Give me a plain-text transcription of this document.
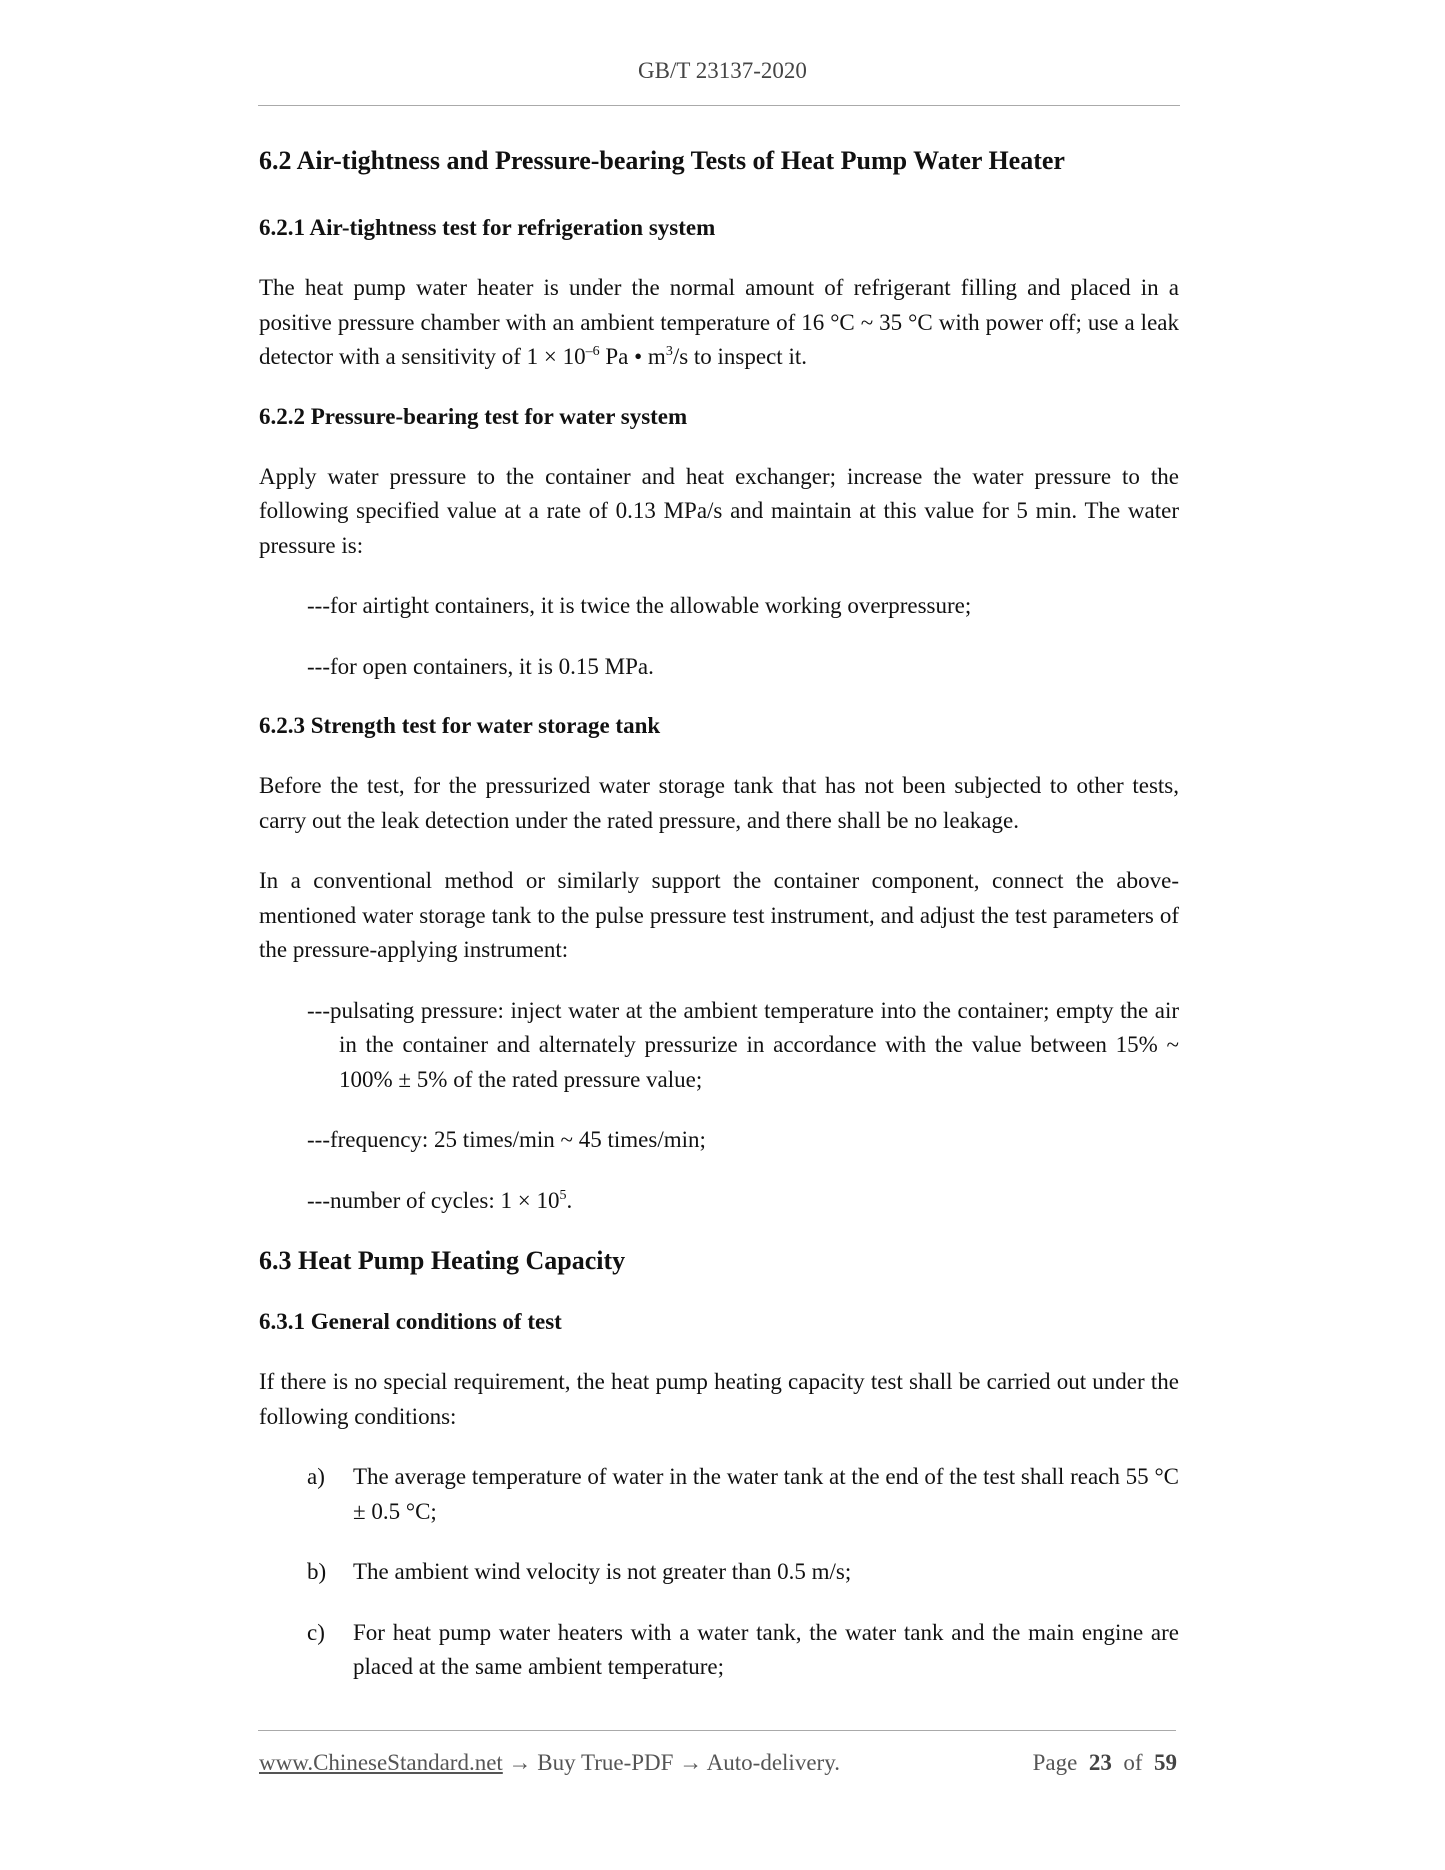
GB/T 23137-2020
6.2 Air-tightness and Pressure-bearing Tests of Heat Pump Water Heater
6.2.1 Air-tightness test for refrigeration system

The heat pump water heater is under the normal amount of refrigerant filling and placed in a positive pressure chamber with an ambient temperature of 16 °C ~ 35 °C with power off; use a leak detector with a sensitivity of $1 \times 10^{-6}$ Pa • $m^3/s$ to inspect it.

6.2.2 Pressure-bearing test for water system

Apply water pressure to the container and heat exchanger; increase the water pressure to the following specified value at a rate of 0.13 MPa/s and maintain at this value for 5 min. The water pressure is:

---for airtight containers, it is twice the allowable working overpressure;

---for open containers, it is 0.15 MPa.

6.2.3 Strength test for water storage tank

Before the test, for the pressurized water storage tank that has not been subjected to other tests, carry out the leak detection under the rated pressure, and there shall be no leakage.

In a conventional method or similarly support the container component, connect the above-mentioned water storage tank to the pulse pressure test instrument, and adjust the test parameters of the pressure-applying instrument:

---pulsating pressure: inject water at the ambient temperature into the container; empty the air in the container and alternately pressurize in accordance with the value between 15% ~ 100% ± 5% of the rated pressure value;

---frequency: 25 times/min ~ 45 times/min;

---number of cycles: $1 \times 10^5$.

6.3 Heat Pump Heating Capacity
6.3.1 General conditions of test

If there is no special requirement, the heat pump heating capacity test shall be carried out under the following conditions:

a)	The average temperature of water in the water tank at the end of the test shall reach 55 °C ± 0.5 °C;
b)	The ambient wind velocity is not greater than 0.5 m/s;
c)	For heat pump water heaters with a water tank, the water tank and the main engine are placed at the same ambient temperature;
www.ChineseStandard.net → Buy True-PDF → Auto-delivery.	Page 23 of 59
